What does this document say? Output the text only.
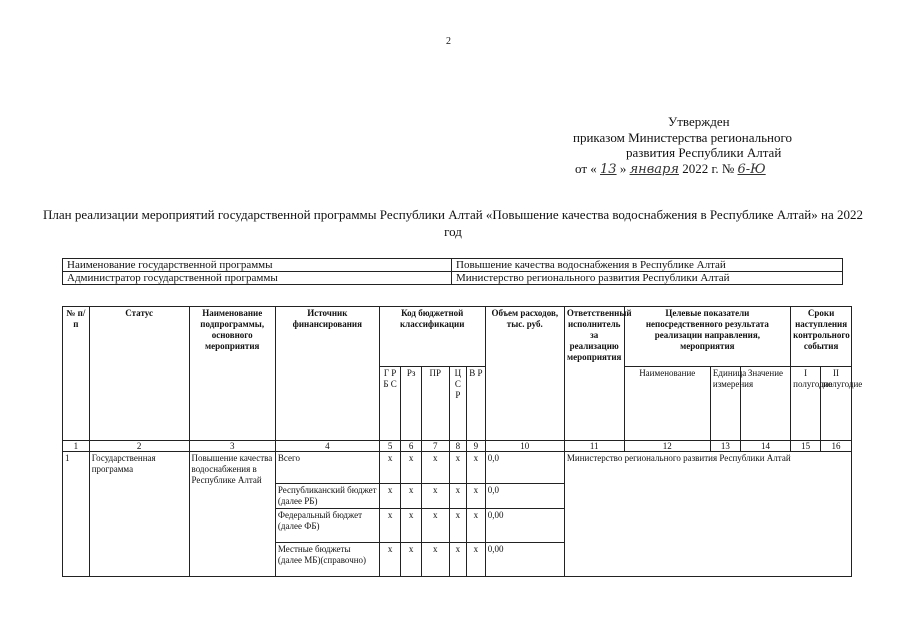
2
Утвержден
приказом Министерства регионального
развития Республики Алтай
от « 13 » января 2022 г. № 6-Ю
План реализации мероприятий государственной программы Республики Алтай «Повышение качества водоснабжения в Республике Алтай» на 2022 год
Наименование государственной программы	Повышение качества водоснабжения в Республике Алтай
Администратор государственной программы	Министерство регионального развития Республики Алтай
№ п/п	Статус	Наименование подпрограммы, основного мероприятия	Источник финансирования	Код бюджетной классификации					Объем расходов, тыс. руб.	Ответственный исполнитель за реализацию мероприятия	Целевые показатели непосредственного результата реализации направления, мероприятия			Сроки наступления контрольного события	
				Г Р Б С	Рз	ПР	Ц С Р	В Р			Наименование	Единица измерения	Значение	I полугодие	II полугодие
1	2	3	4	5	6	7	8	9	10	11	12	13	14	15	16
1	Государственная программа	Повышение качества водоснабжения в Республике Алтай	Всего	х	х	х	х	х	0,0	Министерство регионального развития Республики Алтай					
			Республиканский бюджет (далее РБ)	х	х	х	х	х	0,0						
			Федеральный бюджет (далее ФБ)	х	х	х	х	х	0,00						
			Местные бюджеты (далее МБ)(справочно)	х	х	х	х	х	0,00						
